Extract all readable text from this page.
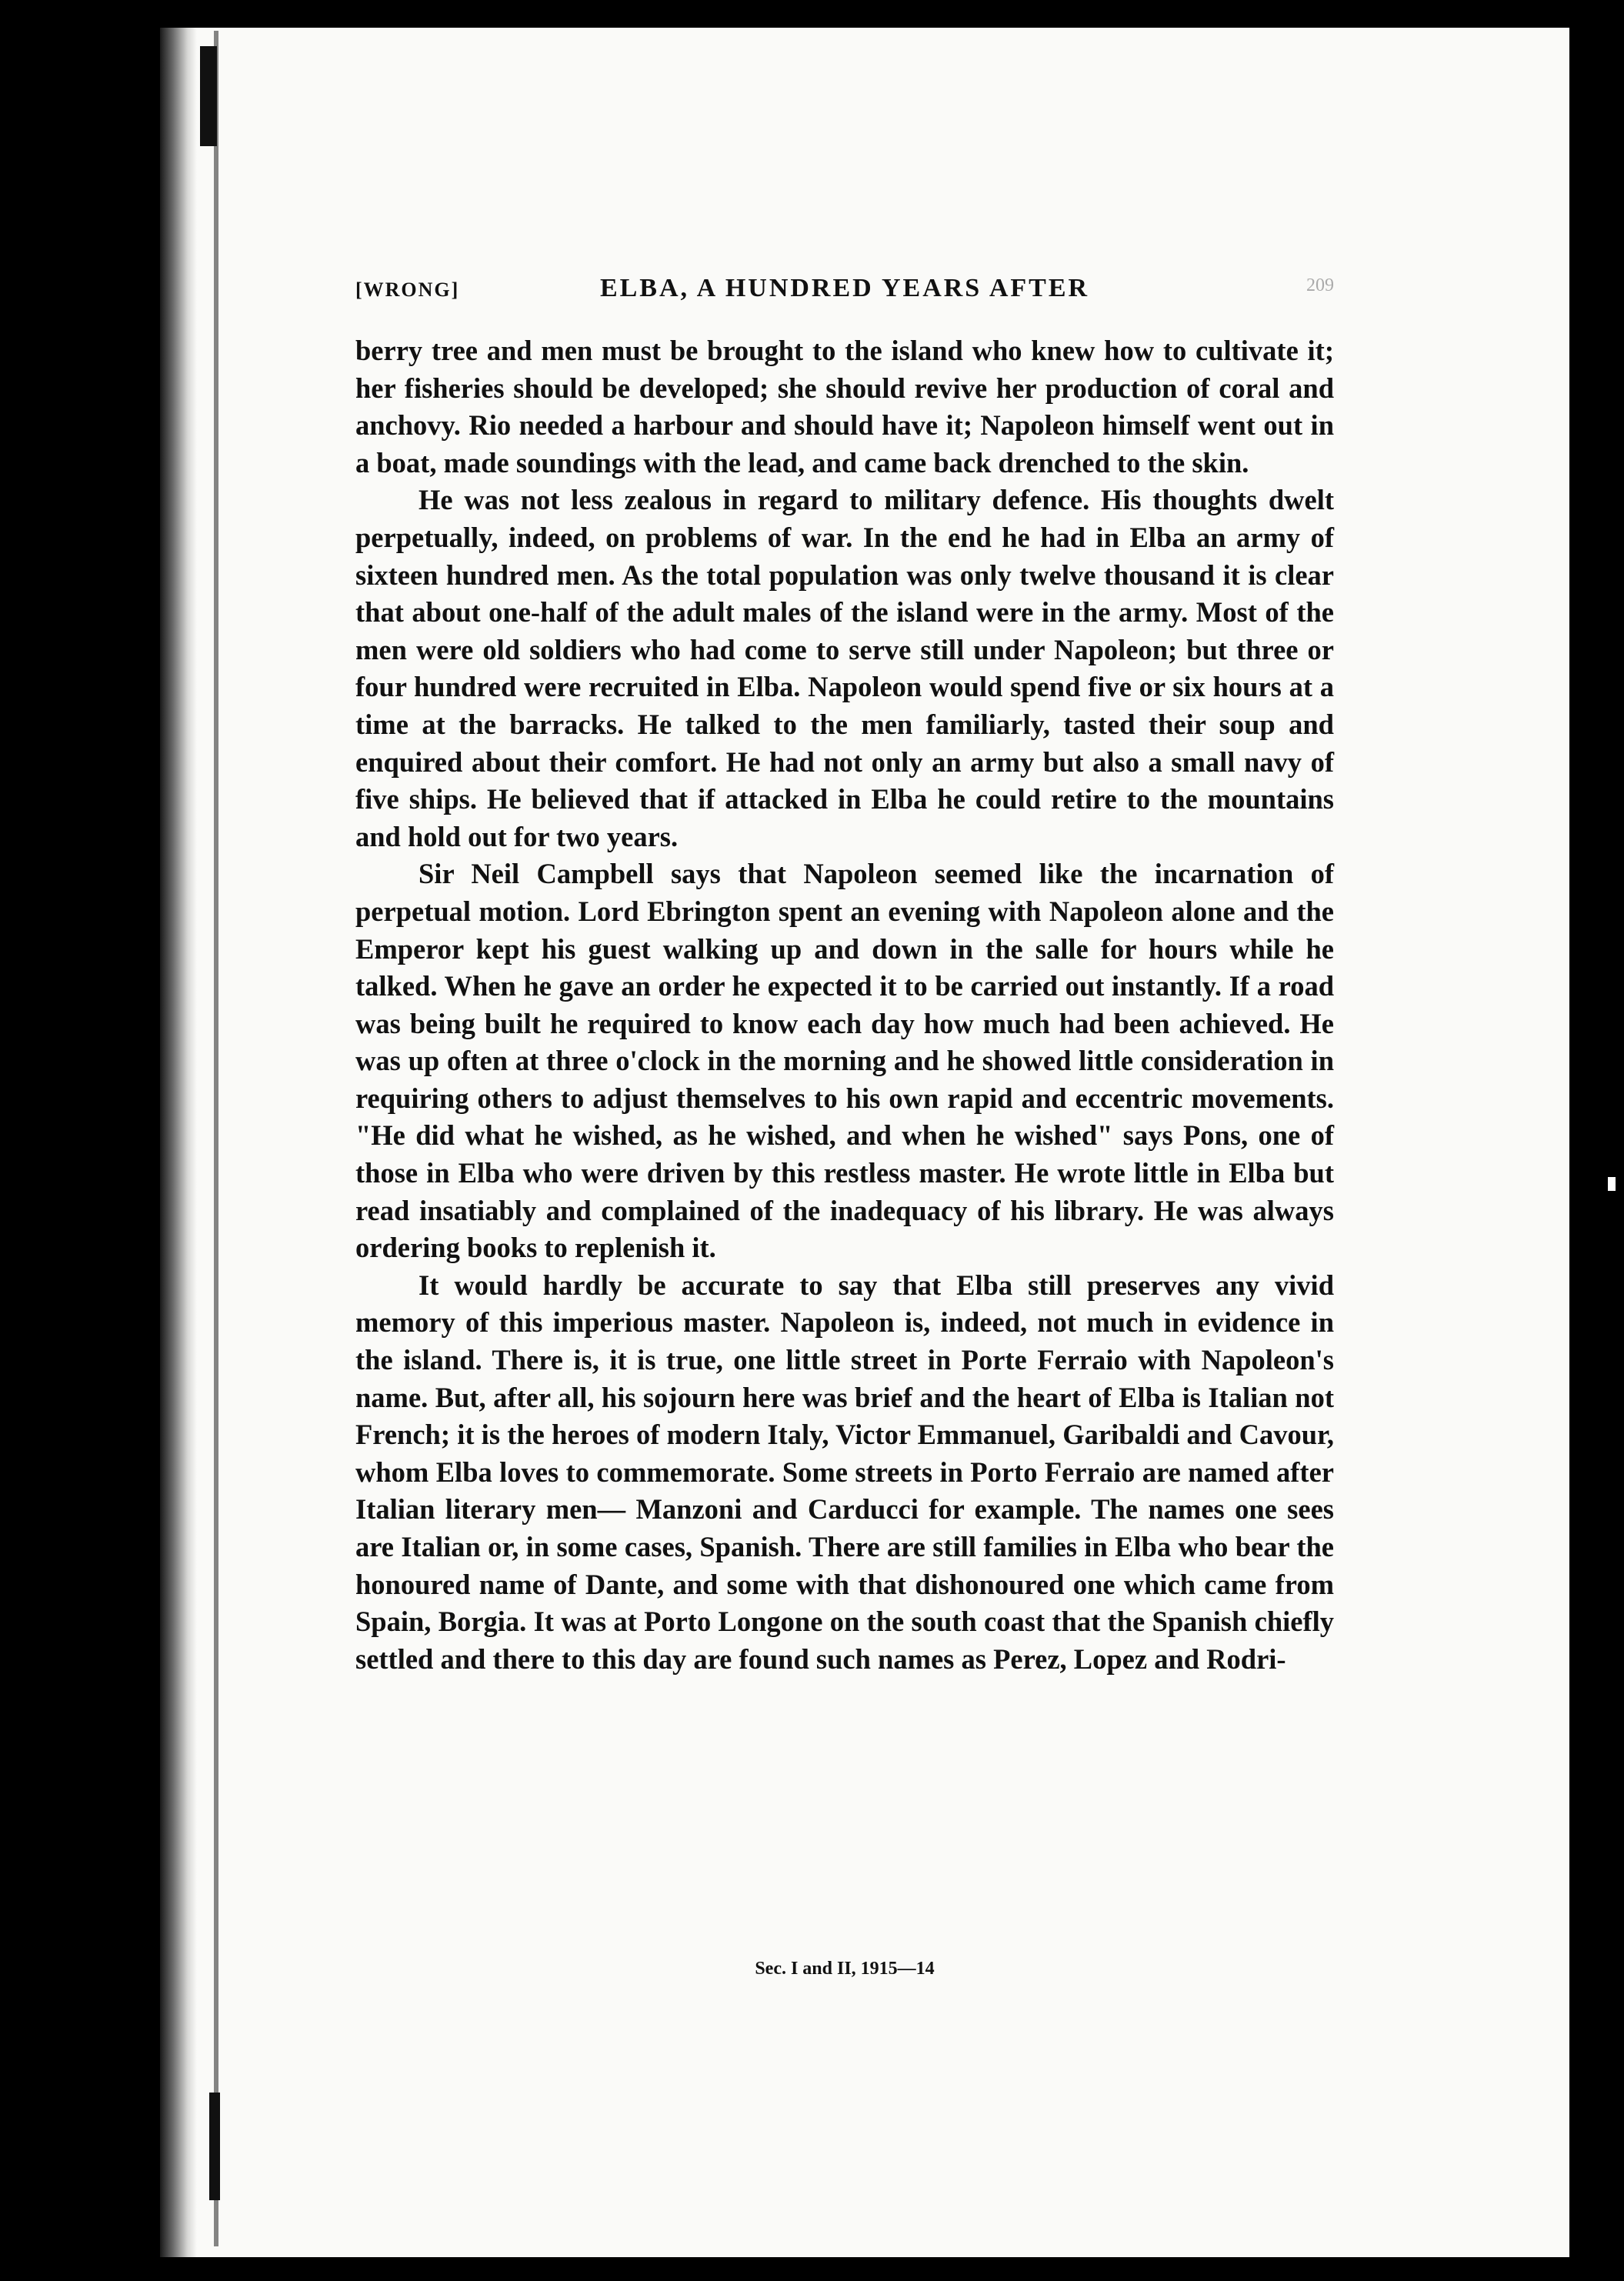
[WRONG]	ELBA, A HUNDRED YEARS AFTER	209

berry tree and men must be brought to the island who knew how to cultivate it; her fisheries should be developed; she should revive her production of coral and anchovy. Rio needed a harbour and should have it; Napoleon himself went out in a boat, made soundings with the lead, and came back drenched to the skin.

He was not less zealous in regard to military defence. His thoughts dwelt perpetually, indeed, on problems of war. In the end he had in Elba an army of sixteen hundred men. As the total population was only twelve thousand it is clear that about one-half of the adult males of the island were in the army. Most of the men were old soldiers who had come to serve still under Napoleon; but three or four hundred were recruited in Elba. Napoleon would spend five or six hours at a time at the barracks. He talked to the men familiarly, tasted their soup and enquired about their comfort. He had not only an army but also a small navy of five ships. He believed that if attacked in Elba he could retire to the mountains and hold out for two years.

Sir Neil Campbell says that Napoleon seemed like the incarnation of perpetual motion. Lord Ebrington spent an evening with Napoleon alone and the Emperor kept his guest walking up and down in the salle for hours while he talked. When he gave an order he expected it to be carried out instantly. If a road was being built he required to know each day how much had been achieved. He was up often at three o'clock in the morning and he showed little consideration in requiring others to adjust themselves to his own rapid and eccentric movements. "He did what he wished, as he wished, and when he wished" says Pons, one of those in Elba who were driven by this restless master. He wrote little in Elba but read insatiably and complained of the inadequacy of his library. He was always ordering books to replenish it.

It would hardly be accurate to say that Elba still preserves any vivid memory of this imperious master. Napoleon is, indeed, not much in evidence in the island. There is, it is true, one little street in Porte Ferraio with Napoleon's name. But, after all, his sojourn here was brief and the heart of Elba is Italian not French; it is the heroes of modern Italy, Victor Emmanuel, Garibaldi and Cavour, whom Elba loves to commemorate. Some streets in Porto Ferraio are named after Italian literary men— Manzoni and Carducci for example. The names one sees are Italian or, in some cases, Spanish. There are still families in Elba who bear the honoured name of Dante, and some with that dishonoured one which came from Spain, Borgia. It was at Porto Longone on the south coast that the Spanish chiefly settled and there to this day are found such names as Perez, Lopez and Rodri-

Sec. I and II, 1915—14
